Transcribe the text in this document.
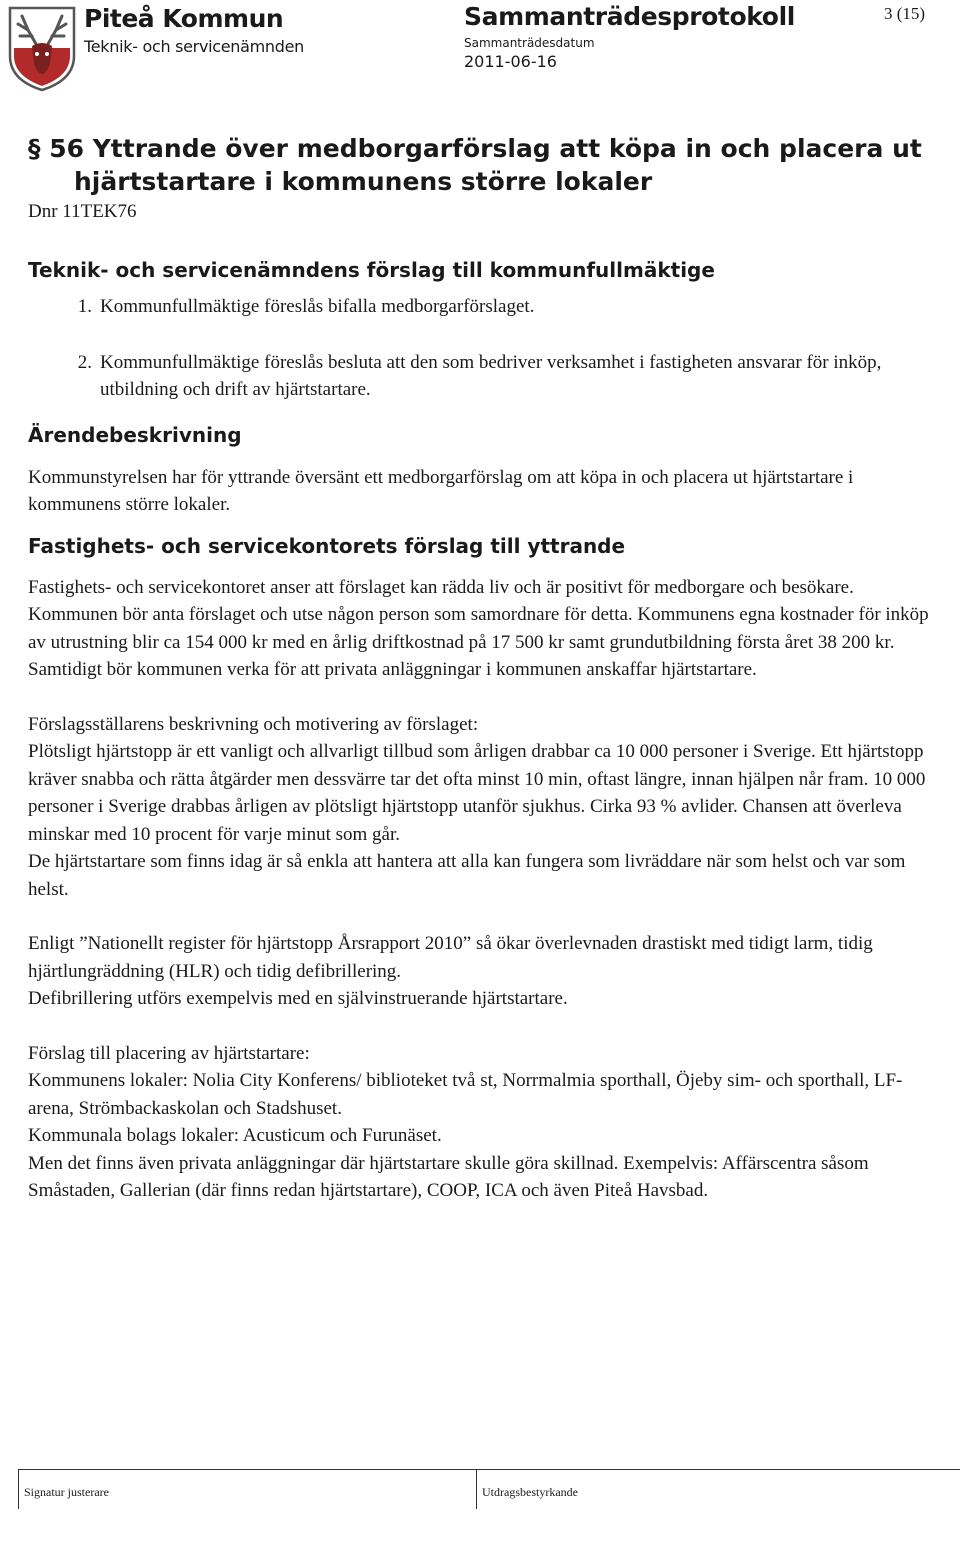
Piteå Kommun
Teknik- och servicenämnden
Sammanträdesprotokoll
Sammanträdesdatum
2011-06-16
3 (15)
§ 56 Yttrande över medborgarförslag att köpa in och placera ut
hjärtstartare i kommunens större lokaler
Dnr 11TEK76
Teknik- och servicenämndens förslag till kommunfullmäktige
1. Kommunfullmäktige föreslås bifalla medborgarförslaget.
2. Kommunfullmäktige föreslås besluta att den som bedriver verksamhet i fastigheten ansvarar för inköp, utbildning och drift av hjärtstartare.
Ärendebeskrivning

Kommunstyrelsen har för yttrande översänt ett medborgarförslag om att köpa in och placera ut hjärtstartare i kommunens större lokaler.

Fastighets- och servicekontorets förslag till yttrande

Fastighets- och servicekontoret anser att förslaget kan rädda liv och är positivt för medborgare och besökare. Kommunen bör anta förslaget och utse någon person som samordnare för detta. Kommunens egna kostnader för inköp av utrustning blir ca 154 000 kr med en årlig driftkostnad på 17 500 kr samt grundutbildning första året 38 200 kr. Samtidigt bör kommunen verka för att privata anläggningar i kommunen anskaffar hjärtstartare.

Förslagsställarens beskrivning och motivering av förslaget:

Plötsligt hjärtstopp är ett vanligt och allvarligt tillbud som årligen drabbar ca 10 000 personer i Sverige. Ett hjärtstopp kräver snabba och rätta åtgärder men dessvärre tar det ofta minst 10 min, oftast längre, innan hjälpen når fram. 10 000 personer i Sverige drabbas årligen av plötsligt hjärtstopp utanför sjukhus. Cirka 93 % avlider. Chansen att överleva minskar med 10 procent för varje minut som går.

De hjärtstartare som finns idag är så enkla att hantera att alla kan fungera som livräddare när som helst och var som helst.

Enligt ”Nationellt register för hjärtstopp Årsrapport 2010” så ökar överlevnaden drastiskt med tidigt larm, tidig hjärtlungräddning (HLR) och tidig defibrillering.

Defibrillering utförs exempelvis med en självinstruerande hjärtstartare.

Förslag till placering av hjärtstartare:

Kommunens lokaler: Nolia City Konferens/ biblioteket två st, Norrmalmia sporthall, Öjeby sim- och sporthall, LF-arena, Strömbackaskolan och Stadshuset.

Kommunala bolags lokaler: Acusticum och Furunäset.

Men det finns även privata anläggningar där hjärtstartare skulle göra skillnad. Exempelvis: Affärscentra såsom Småstaden, Gallerian (där finns redan hjärtstartare), COOP, ICA och även Piteå Havsbad.

Signatur justerare	Utdragsbestyrkande
